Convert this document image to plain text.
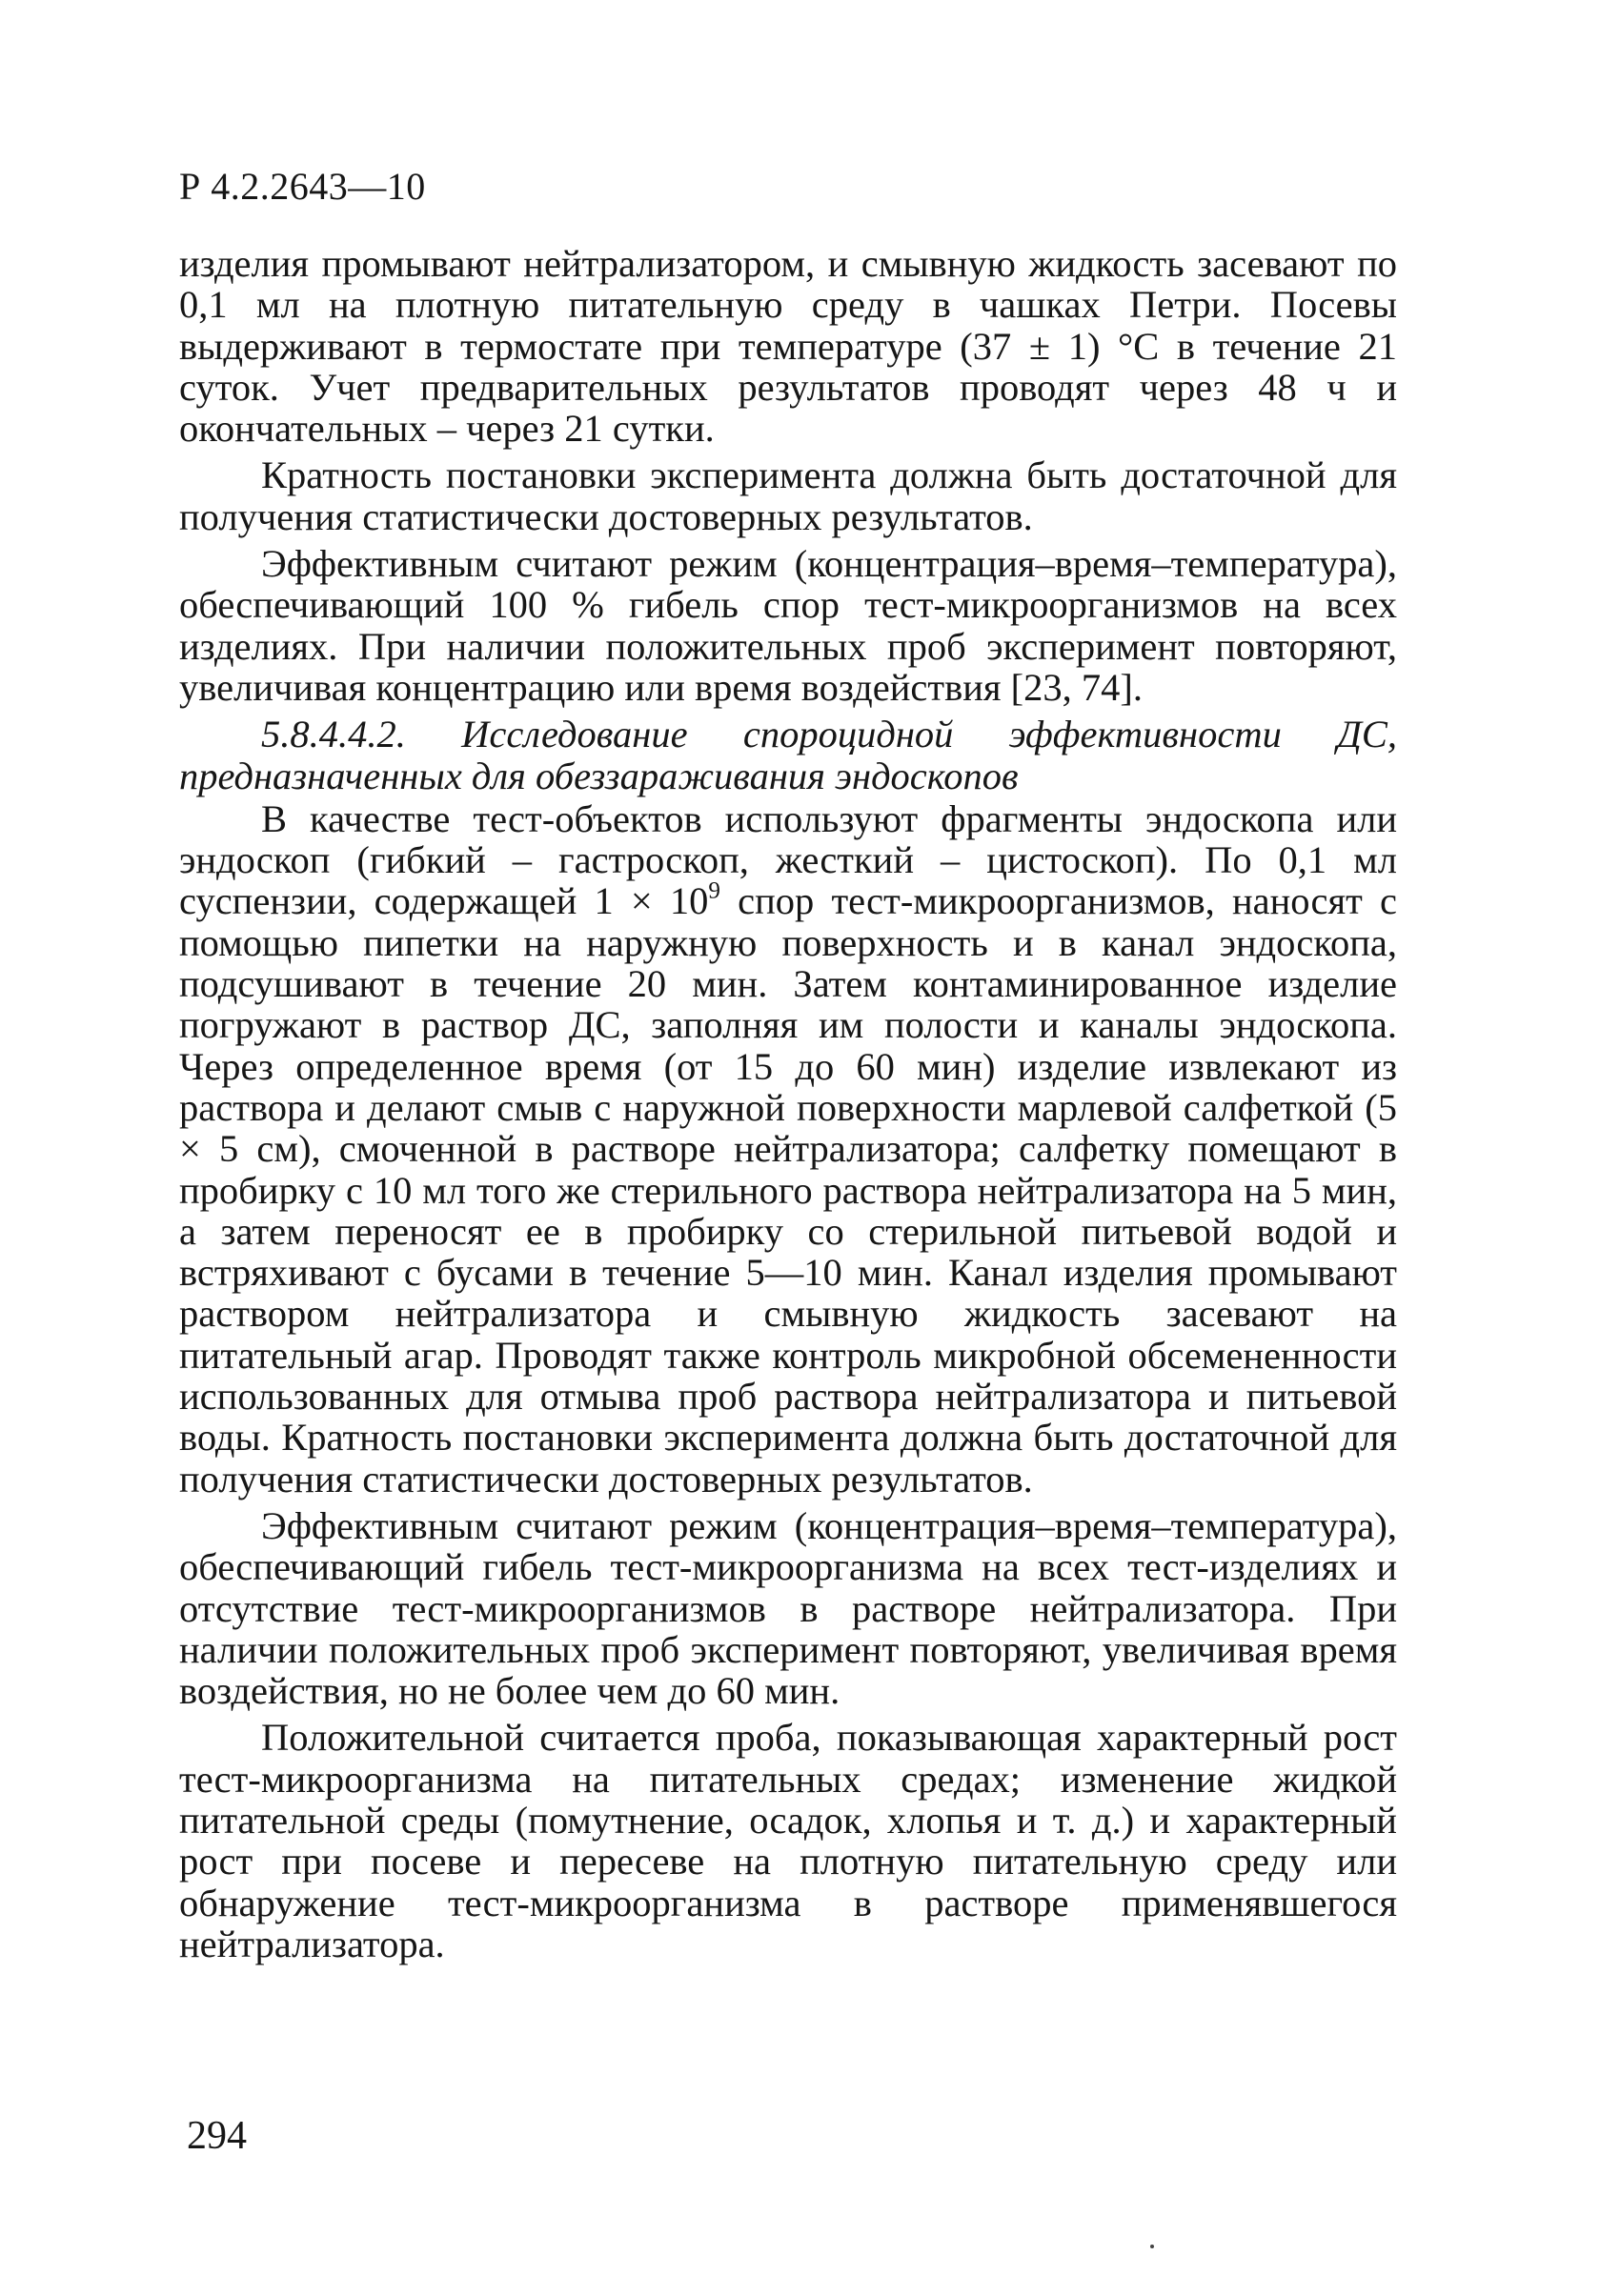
Р 4.2.2643—10

изделия промывают нейтрализатором, и смывную жидкость засевают по 0,1 мл на плотную питательную среду в чашках Петри. Посевы выдерживают в термостате при температуре (37 ± 1) °С в течение 21 суток. Учет предварительных результатов проводят через 48 ч и окончательных – через 21 сутки.

Кратность постановки эксперимента должна быть достаточной для получения статистически достоверных результатов.

Эффективным считают режим (концентрация–время–температура), обеспечивающий 100 % гибель спор тест-микроорганизмов на всех изделиях. При наличии положительных проб эксперимент повторяют, увеличивая концентрацию или время воздействия [23, 74].

5.8.4.4.2. Исследование спороцидной эффективности ДС, предназначенных для обеззараживания эндоскопов

В качестве тест-объектов используют фрагменты эндоскопа или эндоскоп (гибкий – гастроскоп, жесткий – цистоскоп). По 0,1 мл суспензии, содержащей $1 \times 10^9$ спор тест-микроорганизмов, наносят с помощью пипетки на наружную поверхность и в канал эндоскопа, подсушивают в течение 20 мин. Затем контаминированное изделие погружают в раствор ДС, заполняя им полости и каналы эндоскопа. Через определенное время (от 15 до 60 мин) изделие извлекают из раствора и делают смыв с наружной поверхности марлевой салфеткой (5 × 5 см), смоченной в растворе нейтрализатора; салфетку помещают в пробирку с 10 мл того же стерильного раствора нейтрализатора на 5 мин, а затем переносят ее в пробирку со стерильной питьевой водой и встряхивают с бусами в течение 5—10 мин. Канал изделия промывают раствором нейтрализатора и смывную жидкость засевают на питательный агар. Проводят также контроль микробной обсемененности использованных для отмыва проб раствора нейтрализатора и питьевой воды. Кратность постановки эксперимента должна быть достаточной для получения статистически достоверных результатов.

Эффективным считают режим (концентрация–время–температура), обеспечивающий гибель тест-микроорганизма на всех тест-изделиях и отсутствие тест-микроорганизмов в растворе нейтрализатора. При наличии положительных проб эксперимент повторяют, увеличивая время воздействия, но не более чем до 60 мин.

Положительной считается проба, показывающая характерный рост тест-микроорганизма на питательных средах; изменение жидкой питательной среды (помутнение, осадок, хлопья и т. д.) и характерный рост при посеве и пересеве на плотную питательную среду или обнаружение тест-микроорганизма в растворе применявшегося нейтрализатора.

294
